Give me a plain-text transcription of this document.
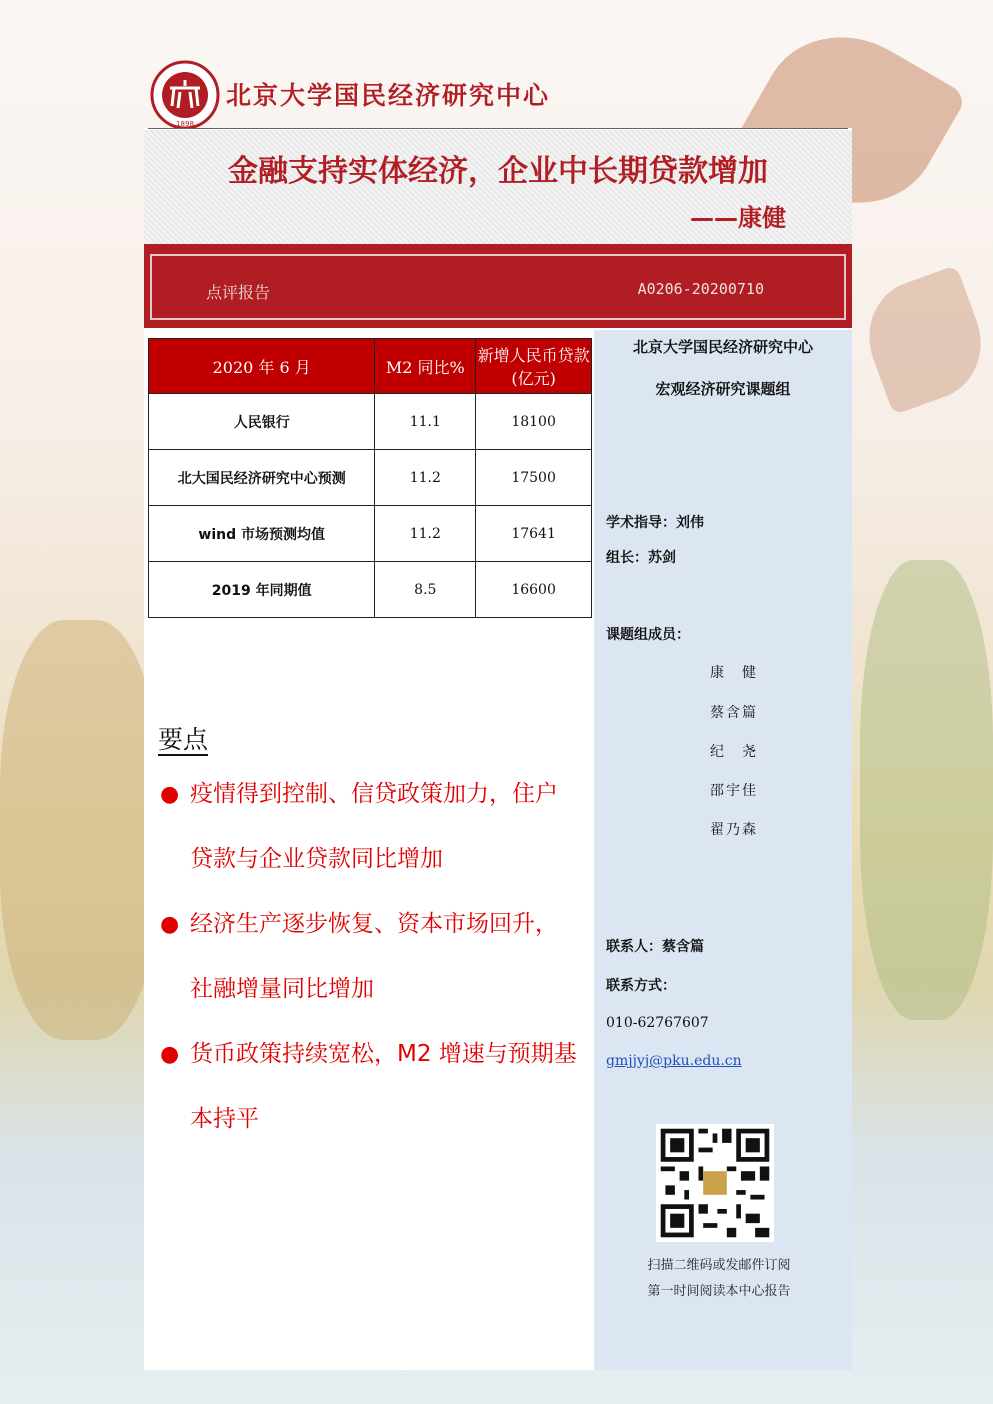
1898
北京大学国民经济研究中心
金融支持实体经济，企业中长期贷款增加
——康健
点评报告	A0206-20200710
2020 年 6 月	M2 同比%	新增人民币贷款(亿元)
人民银行	11.1	18100
北大国民经济研究中心预测	11.2	17500
wind 市场预测均值	11.2	17641
2019 年同期值	8.5	16600
要点
● 疫情得到控制、信贷政策加力，住户
贷款与企业贷款同比增加
● 经济生产逐步恢复、资本市场回升，
社融增量同比增加
● 货币政策持续宽松，M2 增速与预期基
本持平
北京大学国民经济研究中心
宏观经济研究课题组
学术指导：刘伟
组长：苏剑
课题组成员：
康　健
蔡含篇
纪　尧
邵宇佳
翟乃森
联系人：蔡含篇
联系方式：
010-62767607
gmjjyj@pku.edu.cn
扫描二维码或发邮件订阅
第一时间阅读本中心报告
